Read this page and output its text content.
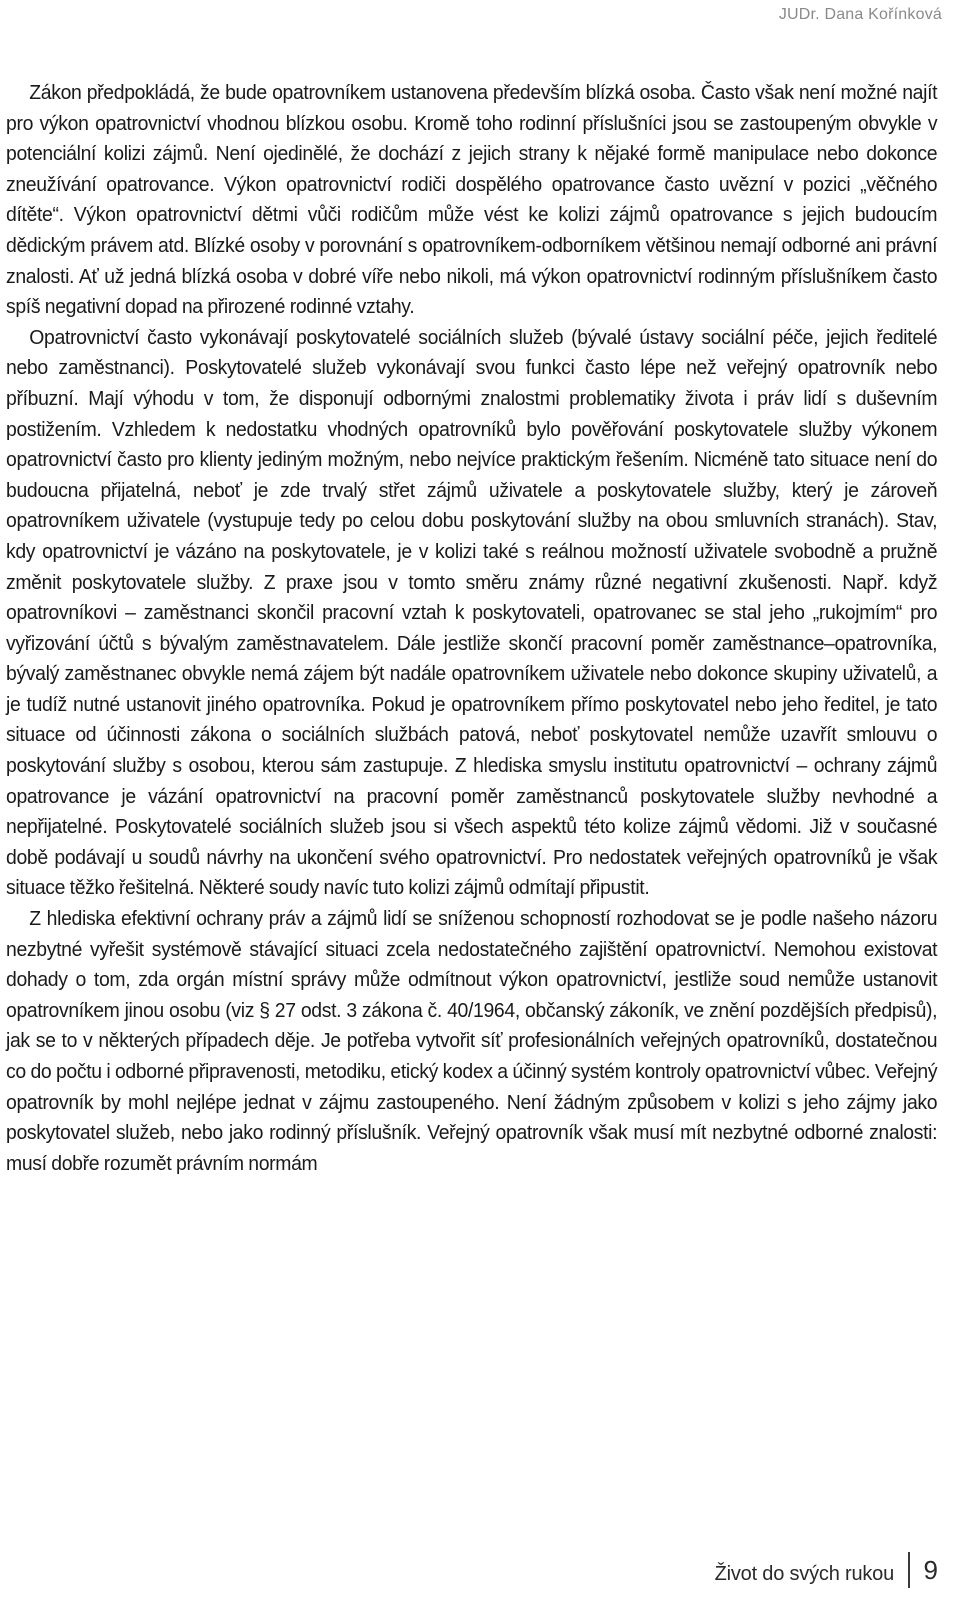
JUDr. Dana Kořínková

Zákon předpokládá, že bude opatrovníkem ustanovena především blízká osoba. Často však není možné najít pro výkon opatrovnictví vhodnou blízkou osobu. Kromě toho rodinní příslušníci jsou se zastoupeným obvykle v potenciální kolizi zájmů. Není ojedinělé, že dochází z jejich strany k nějaké formě manipulace nebo dokonce zneužívání opatrovance. Výkon opatrovnictví rodiči dospělého opatrovance často uvězní v pozici „věčného dítěte“. Výkon opatrovnictví dětmi vůči rodičům může vést ke kolizi zájmů opatrovance s jejich budoucím dědickým právem atd. Blízké osoby v porovnání s opatrovníkem-odborníkem většinou nemají odborné ani právní znalosti. Ať už jedná blízká osoba v dobré víře nebo nikoli, má výkon opatrovnictví rodinným příslušníkem často spíš negativní dopad na přirozené rodinné vztahy.

Opatrovnictví často vykonávají poskytovatelé sociálních služeb (bývalé ústavy sociální péče, jejich ředitelé nebo zaměstnanci). Poskytovatelé služeb vykonávají svou funkci často lépe než veřejný opatrovník nebo příbuzní. Mají výhodu v tom, že disponují odbornými znalostmi problematiky života i práv lidí s duševním postižením. Vzhledem k nedostatku vhodných opatrovníků bylo pověřování poskytovatele služby výkonem opatrovnictví často pro klienty jediným možným, nebo nejvíce praktickým řešením. Nicméně tato situace není do budoucna přijatelná, neboť je zde trvalý střet zájmů uživatele a poskytovatele služby, který je zároveň opatrovníkem uživatele (vystupuje tedy po celou dobu poskytování služby na obou smluvních stranách). Stav, kdy opatrovnictví je vázáno na poskytovatele, je v kolizi také s reálnou možností uživatele svobodně a pružně změnit poskytovatele služby. Z praxe jsou v tomto směru známy různé negativní zkušenosti. Např. když opatrovníkovi – zaměstnanci skončil pracovní vztah k poskytovateli, opatrovanec se stal jeho „rukojmím“ pro vyřizování účtů s bývalým zaměstnavatelem. Dále jestliže skončí pracovní poměr zaměstnance–opatrovníka, bývalý zaměstnanec obvykle nemá zájem být nadále opatrovníkem uživatele nebo dokonce skupiny uživatelů, a je tudíž nutné ustanovit jiného opatrovníka. Pokud je opatrovníkem přímo poskytovatel nebo jeho ředitel, je tato situace od účinnosti zákona o sociálních službách patová, neboť poskytovatel nemůže uzavřít smlouvu o poskytování služby s osobou, kterou sám zastupuje. Z hlediska smyslu institutu opatrovnictví – ochrany zájmů opatrovance je vázání opatrovnictví na pracovní poměr zaměstnanců poskytovatele služby nevhodné a nepřijatelné. Poskytovatelé sociálních služeb jsou si všech aspektů této kolize zájmů vědomi. Již v současné době podávají u soudů návrhy na ukončení svého opatrovnictví. Pro nedostatek veřejných opatrovníků je však situace těžko řešitelná. Některé soudy navíc tuto kolizi zájmů odmítají připustit.

Z hlediska efektivní ochrany práv a zájmů lidí se sníženou schopností rozhodovat se je podle našeho názoru nezbytné vyřešit systémově stávající situaci zcela nedostatečného zajištění opatrovnictví. Nemohou existovat dohady o tom, zda orgán místní správy může odmítnout výkon opatrovnictví, jestliže soud nemůže ustanovit opatrovníkem jinou osobu (viz § 27 odst. 3 zákona č. 40/1964, občanský zákoník, ve znění pozdějších předpisů), jak se to v některých případech děje. Je potřeba vytvořit síť profesionálních veřejných opatrovníků, dostatečnou co do počtu i odborné připravenosti, metodiku, etický kodex a účinný systém kontroly opatrovnictví vůbec. Veřejný opatrovník by mohl nejlépe jednat v zájmu zastoupeného. Není žádným způsobem v kolizi s jeho zájmy jako poskytovatel služeb, nebo jako rodinný příslušník. Veřejný opatrovník však musí mít nezbytné odborné znalosti: musí dobře rozumět právním normám

Život do svých rukou 9
